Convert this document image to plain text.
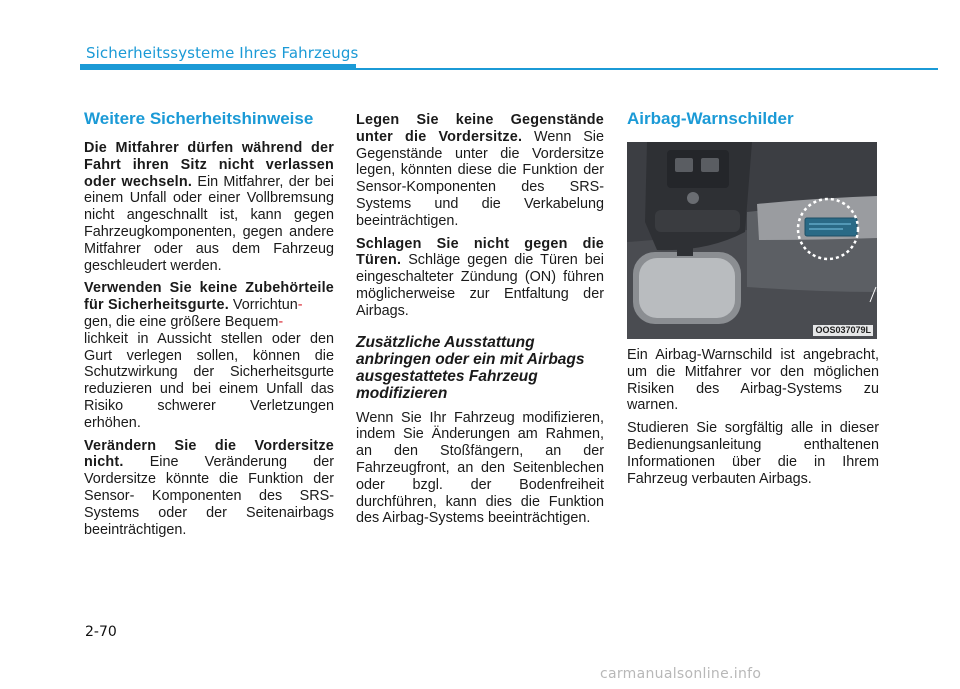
Sicherheitssysteme Ihres Fahrzeugs
Weitere Sicherheitshinweise

Die Mitfahrer dürfen während der Fahrt ihren Sitz nicht verlassen oder wechseln. Ein Mitfahrer, der bei einem Unfall oder einer Vollbremsung nicht angeschnallt ist, kann gegen Fahrzeugkomponenten, gegen andere Mitfahrer oder aus dem Fahrzeug geschleudert werden.

Verwenden Sie keine Zubehörteile für Sicherheitsgurte. Vorrichtun-
gen, die eine größere Bequem-
lichkeit in Aussicht stellen oder den Gurt verlegen sollen, können die Schutzwirkung der Sicherheitsgurte reduzieren und bei einem Unfall das Risiko schwerer Verletzungen erhöhen.

Verändern Sie die Vordersitze nicht. Eine Veränderung der Vordersitze könnte die Funktion der Sensor- Komponenten des SRS-Systems oder der Seitenairbags beeinträchtigen.

Legen Sie keine Gegenstände unter die Vordersitze. Wenn Sie Gegenstände unter die Vordersitze legen, könnten diese die Funktion der Sensor-Komponenten des SRS-Systems und die Verkabelung beeinträchtigen.

Schlagen Sie nicht gegen die Türen. Schläge gegen die Türen bei eingeschalteter Zündung (ON) führen möglicherweise zur Entfaltung der Airbags.

Zusätzliche Ausstattung anbringen oder ein mit Airbags ausgestattetes Fahrzeug modifizieren

Wenn Sie Ihr Fahrzeug modifizieren, indem Sie Änderungen am Rahmen, an den Stoßfängern, an der Fahrzeugfront, an den Seitenblechen oder bzgl. der Bodenfreiheit durchführen, kann dies die Funktion des Airbag-Systems beeinträchtigen.

Airbag-Warnschilder
OOS037079L

Ein Airbag-Warnschild ist angebracht, um die Mitfahrer vor den möglichen Risiken des Airbag-Systems zu warnen.

Studieren Sie sorgfältig alle in dieser Bedienungsanleitung enthaltenen Informationen über die in Ihrem Fahrzeug verbauten Airbags.

2-70
carmanualsonline.info
